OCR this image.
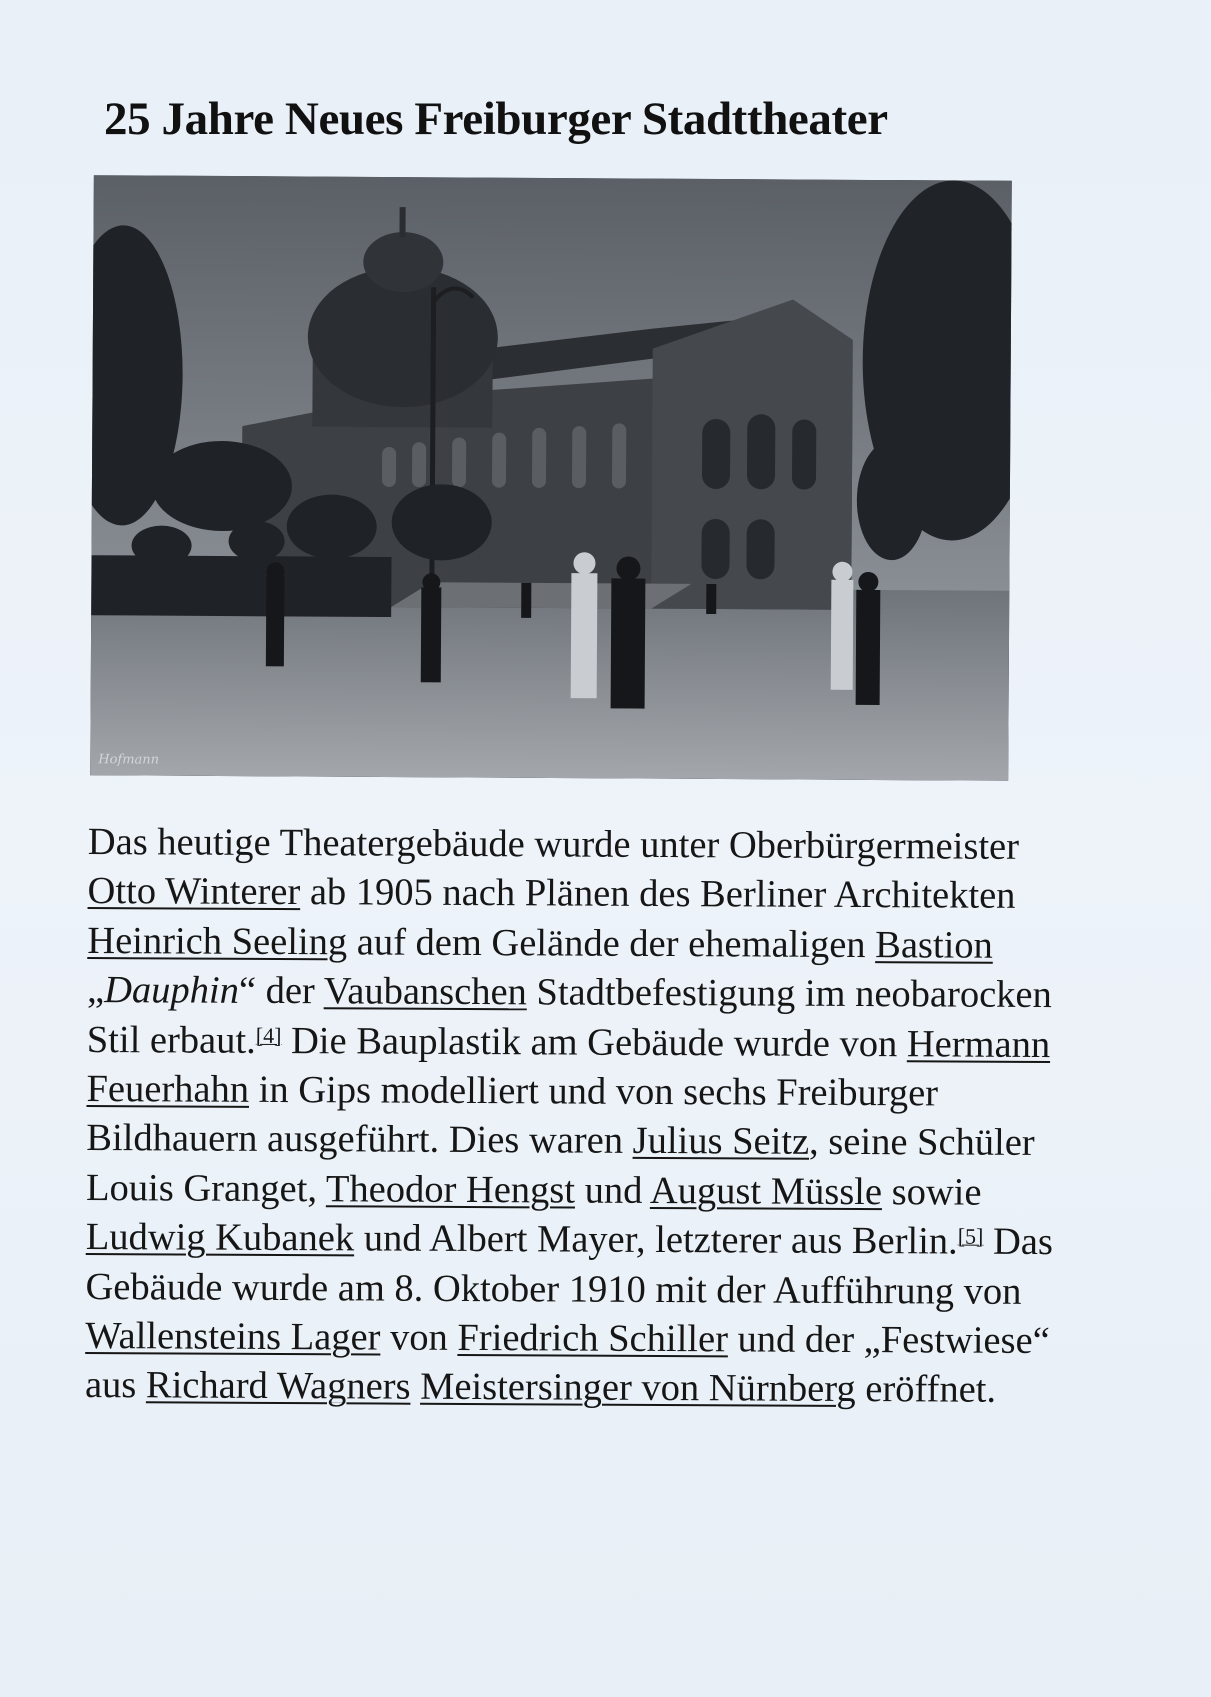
25 Jahre Neues Freiburger Stadttheater
Hofmann
Das heutige Theatergebäude wurde unter Oberbürgermeister Otto Winterer ab 1905 nach Plänen des Berliner Architekten Heinrich Seeling auf dem Gelände der ehemaligen Bastion „Dauphin“ der Vaubanschen Stadtbefestigung im neobarocken Stil erbaut.[4] Die Bauplastik am Gebäude wurde von Hermann Feuerhahn in Gips modelliert und von sechs Freiburger Bildhauern ausgeführt. Dies waren Julius Seitz, seine Schüler Louis Granget, Theodor Hengst und August Müssle sowie Ludwig Kubanek und Albert Mayer, letzterer aus Berlin.[5] Das Gebäude wurde am 8. Oktober 1910 mit der Aufführung von Wallensteins Lager von Friedrich Schiller und der „Festwiese“ aus Richard Wagners Meistersinger von Nürnberg eröffnet.
